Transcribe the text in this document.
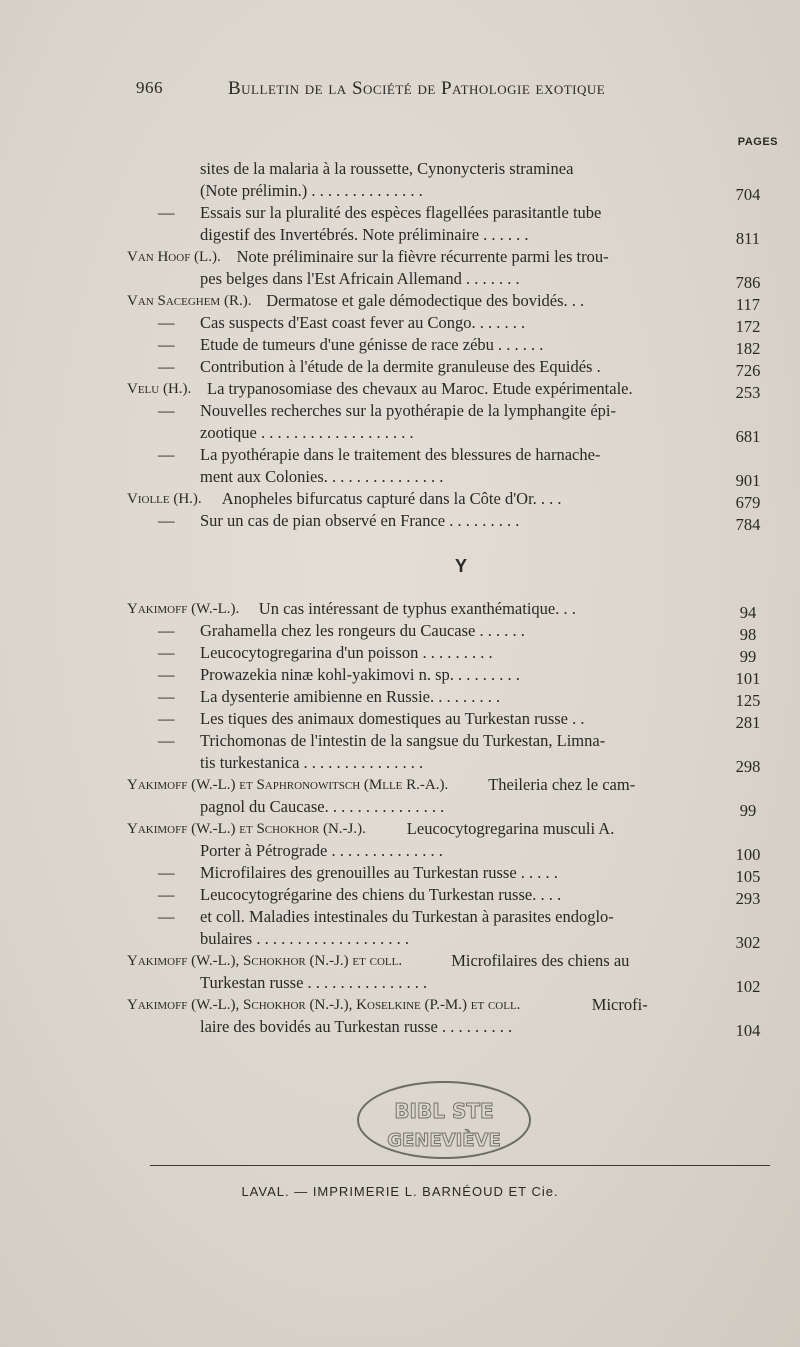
966	Bulletin de la Société de Pathologie exotique
PAGES
sites de la malaria à la roussette, Cynonycteris straminea
(Note prélimin.) . . . . . . . . . . . . . .	704
— Essais sur la pluralité des espèces flagellées parasitantle tube
digestif des Invertébrés. Note préliminaire . . . . . .	811
Van Hoof (L.). Note préliminaire sur la fièvre récurrente parmi les trou-
pes belges dans l'Est Africain Allemand . . . . . . .	786
Van Saceghem (R.). Dermatose et gale démodectique des bovidés. . .	117
— Cas suspects d'East coast fever au Congo. . . . . . .	172
— Etude de tumeurs d'une génisse de race zébu . . . . . .	182
— Contribution à l'étude de la dermite granuleuse des Equidés .	726
Velu (H.). La trypanosomiase des chevaux au Maroc. Etude expérimentale.	253
— Nouvelles recherches sur la pyothérapie de la lymphangite épi-
zootique . . . . . . . . . . . . . . . . . . .	681
— La pyothérapie dans le traitement des blessures de harnache-
ment aux Colonies. . . . . . . . . . . . . . .	901
Violle (H.). Anopheles bifurcatus capturé dans la Côte d'Or. . . .	679
— Sur un cas de pian observé en France . . . . . . . . .	784
Y
Yakimoff (W.-L.). Un cas intéressant de typhus exanthématique. . .	94
— Grahamella chez les rongeurs du Caucase . . . . . .	98
— Leucocytogregarina d'un poisson . . . . . . . . .	99
— Prowazekia ninæ kohl-yakimovi n. sp. . . . . . . . .	101
— La dysenterie amibienne en Russie. . . . . . . . .	125
— Les tiques des animaux domestiques au Turkestan russe . .	281
— Trichomonas de l'intestin de la sangsue du Turkestan, Limna-
tis turkestanica . . . . . . . . . . . . . . .	298
Yakimoff (W.-L.) et Saphronowitsch (Mlle R.-A.). Theileria chez le cam-
pagnol du Caucase. . . . . . . . . . . . . . .	99
Yakimoff (W.-L.) et Schokhor (N.-J.). Leucocytogregarina musculi A.
Porter à Pétrograde . . . . . . . . . . . . . .	100
— Microfilaires des grenouilles au Turkestan russe . . . . .	105
— Leucocytogrégarine des chiens du Turkestan russe. . . .	293
— et coll. Maladies intestinales du Turkestan à parasites endoglo-
bulaires . . . . . . . . . . . . . . . . . . .	302
Yakimoff (W.-L.), Schokhor (N.-J.) et coll.	Microfilaires des chiens au
Turkestan russe . . . . . . . . . . . . . . .	102
Yakimoff (W.-L.), Schokhor (N.-J.), Koselkine (P.-M.) et coll.	Microfi-
laire des bovidés au Turkestan russe . . . . . . . . .	104
BIBL STE
GENEVIÈVE
LAVAL. — IMPRIMERIE L. BARNÉOUD ET Cie.
